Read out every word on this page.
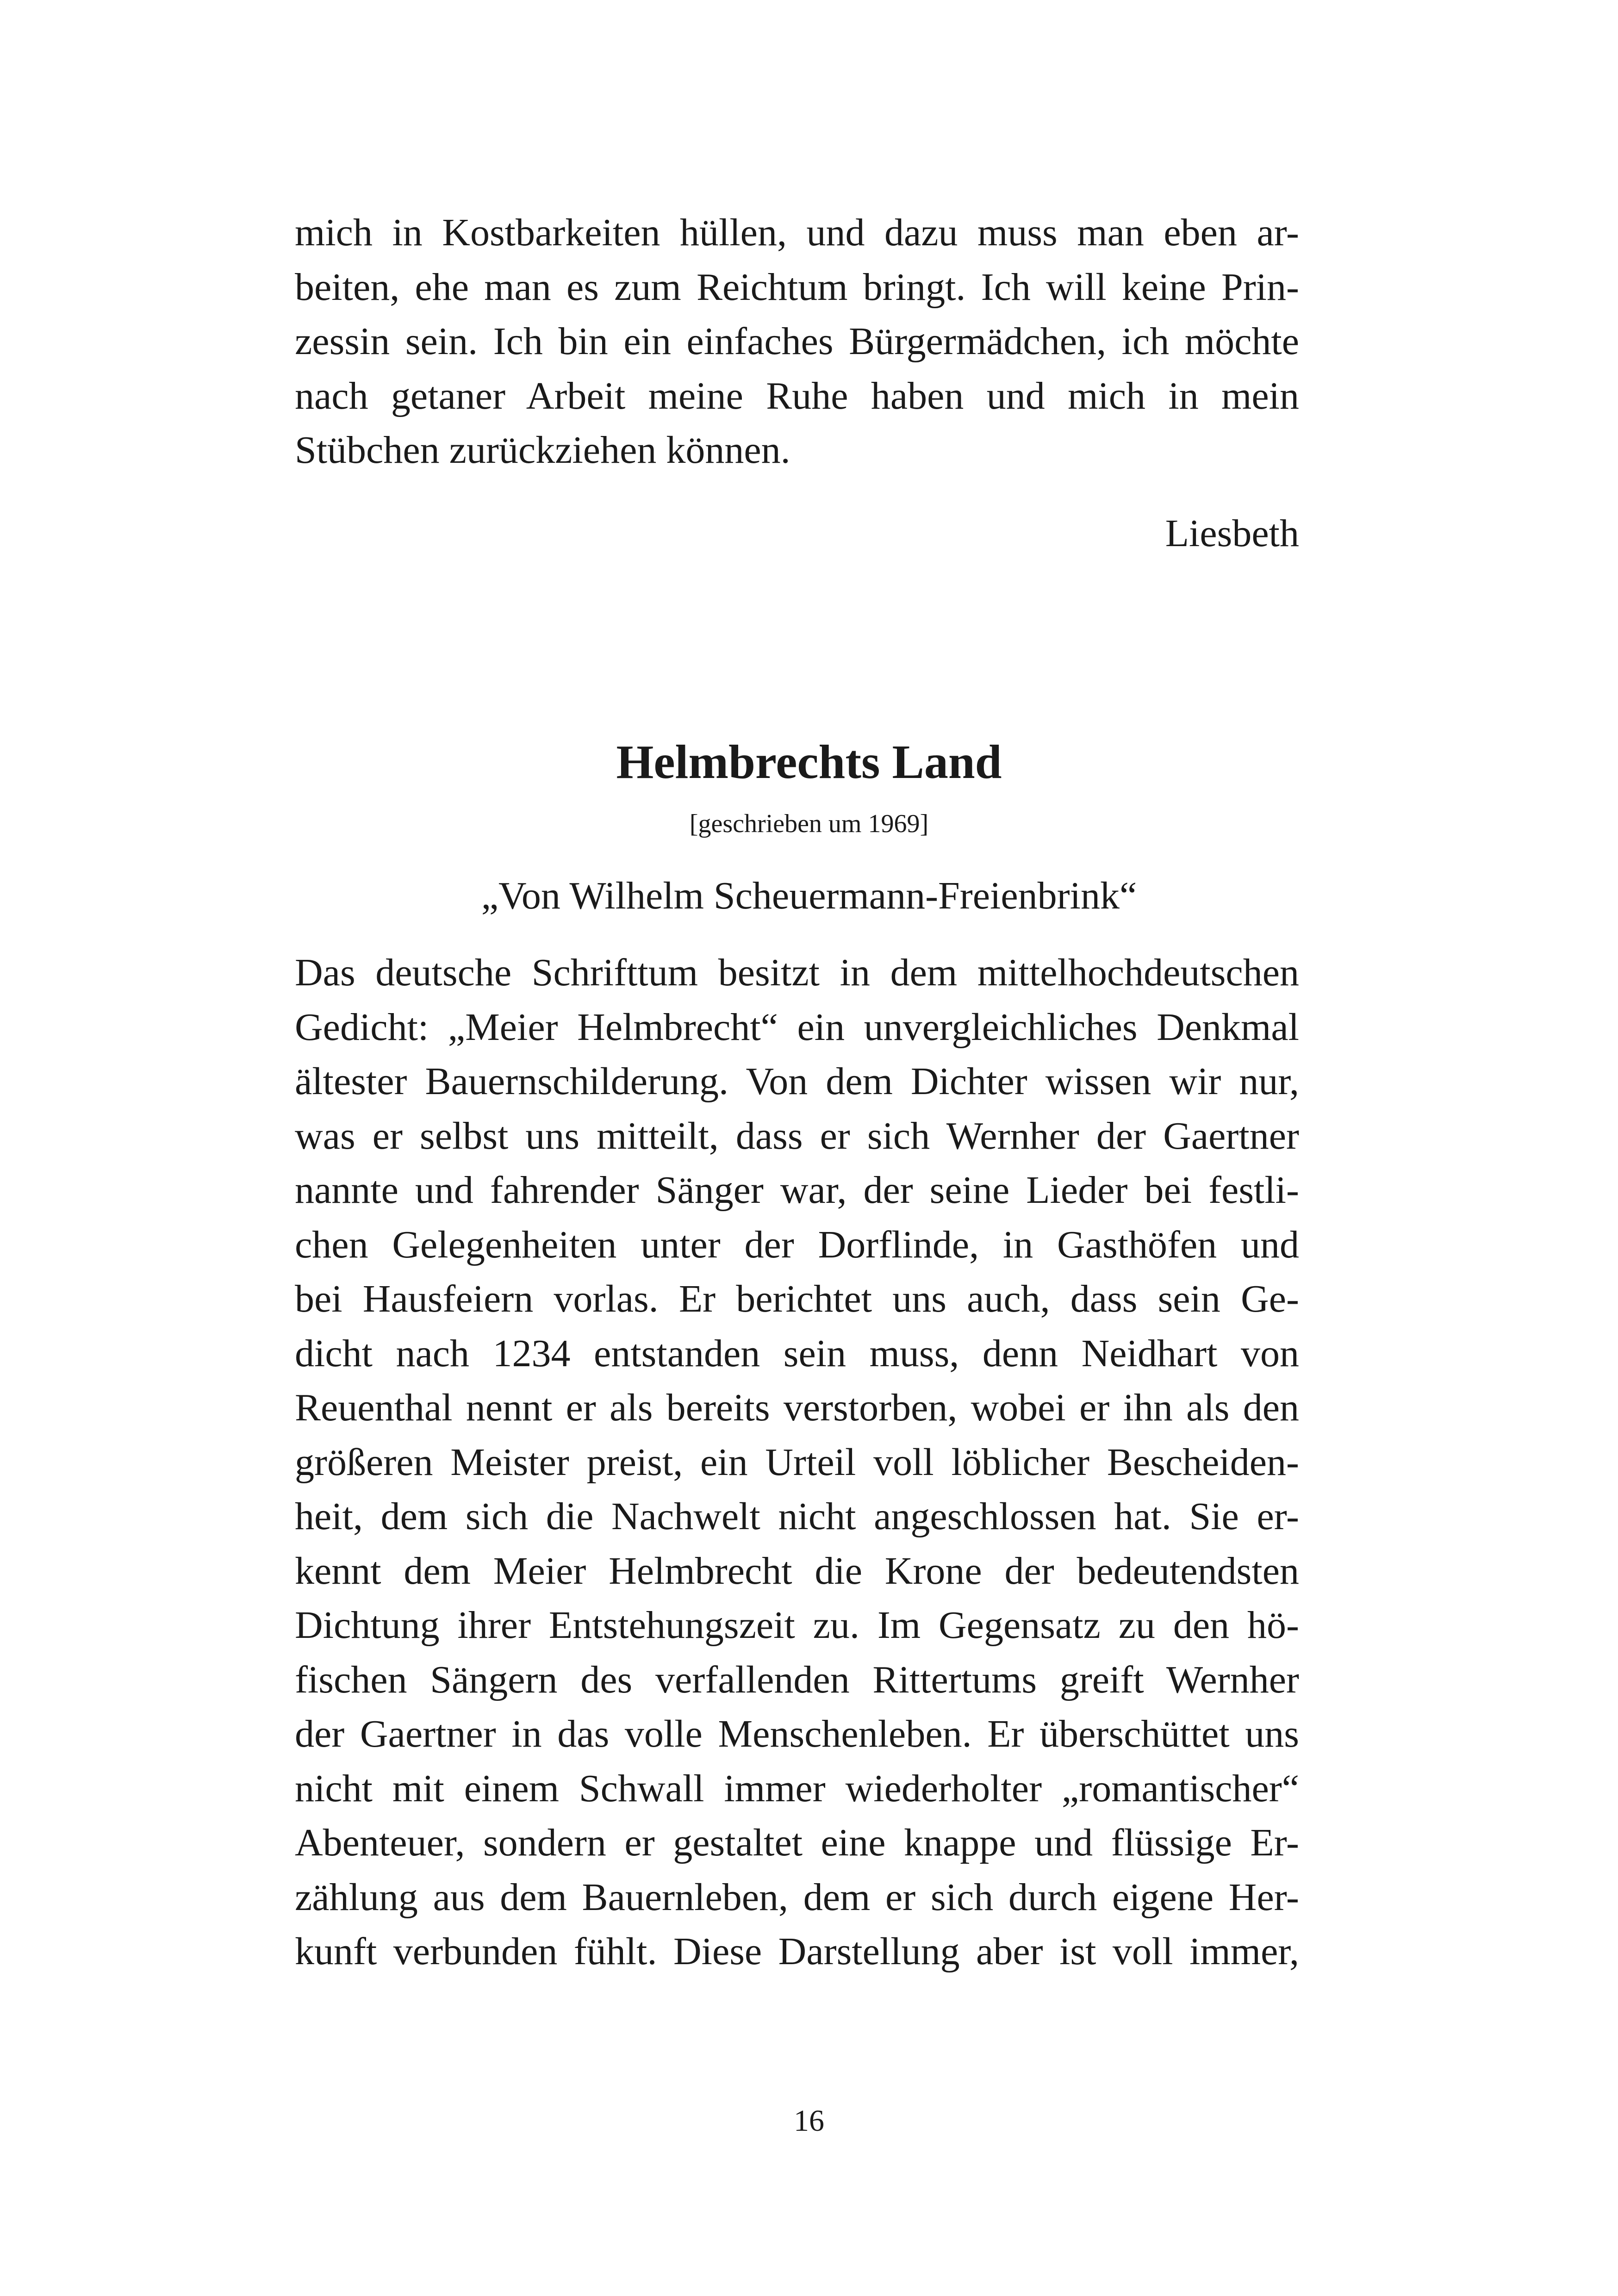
mich in Kostbarkeiten hüllen, und dazu muss man eben ar-
beiten, ehe man es zum Reichtum bringt. Ich will keine Prin-
zessin sein. Ich bin ein einfaches Bürgermädchen, ich möchte
nach getaner Arbeit meine Ruhe haben und mich in mein
Stübchen zurückziehen können.
Liesbeth
Helmbrechts Land
[geschrieben um 1969]
„Von Wilhelm Scheuermann-Freienbrink“
Das deutsche Schrifttum besitzt in dem mittelhochdeutschen
Gedicht: „Meier Helmbrecht“ ein unvergleichliches Denkmal
ältester Bauernschilderung. Von dem Dichter wissen wir nur,
was er selbst uns mitteilt, dass er sich Wernher der Gaertner
nannte und fahrender Sänger war, der seine Lieder bei festli-
chen Gelegenheiten unter der Dorflinde, in Gasthöfen und
bei Hausfeiern vorlas. Er berichtet uns auch, dass sein Ge-
dicht nach 1234 entstanden sein muss, denn Neidhart von
Reuenthal nennt er als bereits verstorben, wobei er ihn als den
größeren Meister preist, ein Urteil voll löblicher Bescheiden-
heit, dem sich die Nachwelt nicht angeschlossen hat. Sie er-
kennt dem Meier Helmbrecht die Krone der bedeutendsten
Dichtung ihrer Entstehungszeit zu. Im Gegensatz zu den hö-
fischen Sängern des verfallenden Rittertums greift Wernher
der Gaertner in das volle Menschenleben. Er überschüttet uns
nicht mit einem Schwall immer wiederholter „romantischer“
Abenteuer, sondern er gestaltet eine knappe und flüssige Er-
zählung aus dem Bauernleben, dem er sich durch eigene Her-
kunft verbunden fühlt. Diese Darstellung aber ist voll immer,
16
